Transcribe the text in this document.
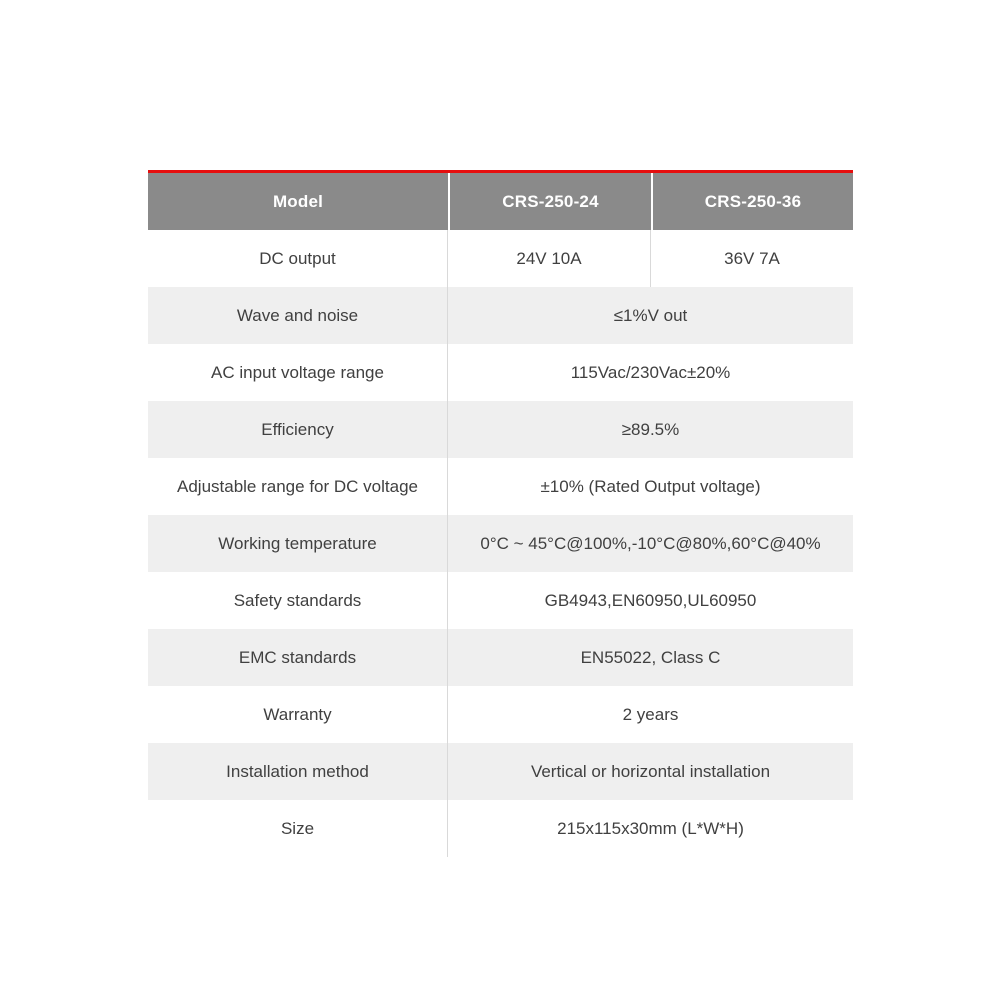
Model	CRS-250-24	CRS-250-36
DC output	24V 10A	36V 7A
Wave and noise	≤1%V out
AC input voltage range	115Vac/230Vac±20%
Efficiency	≥89.5%
Adjustable range for DC voltage	±10% (Rated Output voltage)
Working temperature	0°C ~ 45°C@100%,-10°C@80%,60°C@40%
Safety standards	GB4943,EN60950,UL60950
EMC standards	EN55022, Class C
Warranty	2 years
Installation method	Vertical or horizontal installation
Size	215x115x30mm (L*W*H)
